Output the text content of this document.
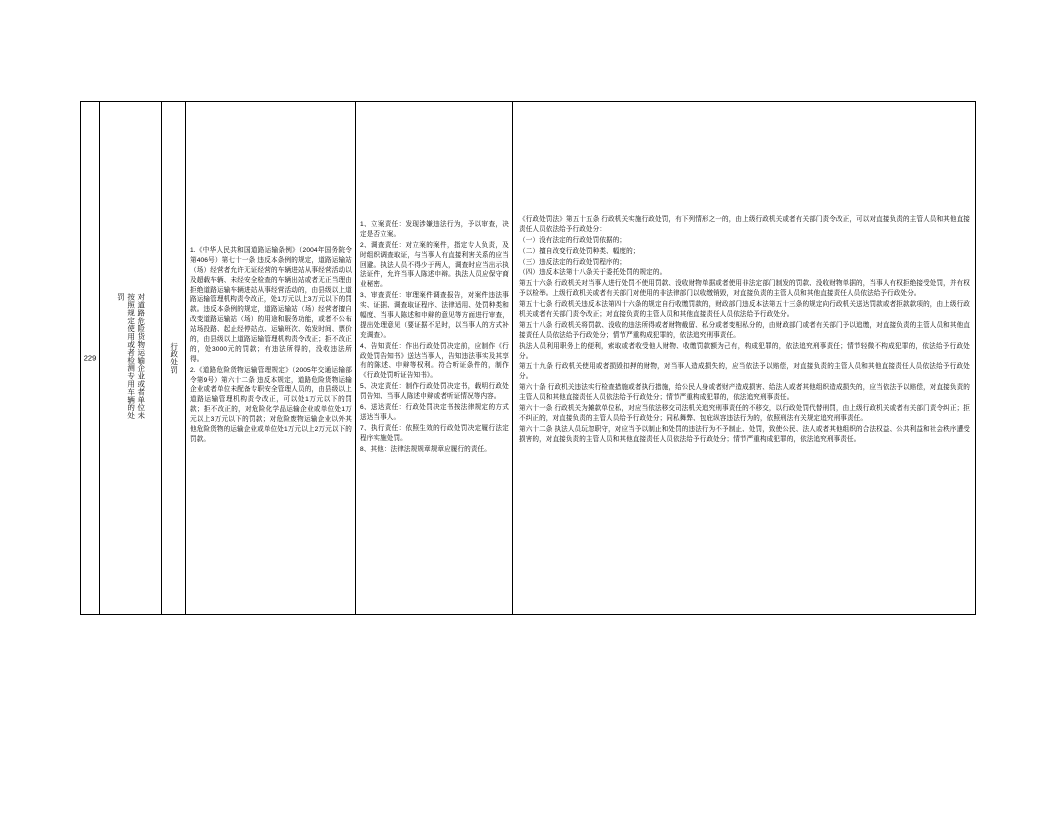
229	对道路危险货物运输企业或者单位未按照规定使用或者检测专用车辆的处罚
行政处罚

1.《中华人民共和国道路运输条例》（2004年国务院令第406号）第七十一条 违反本条例的规定，道路运输站（场）经营者允许无证经营的车辆进站从事经营活动以及超载车辆、未经安全检查的车辆出站或者无正当理由拒绝道路运输车辆进站从事经营活动的，由县级以上道路运输管理机构责令改正，处1万元以上3万元以下的罚款。违反本条例的规定，道路运输站（场）经营者擅自改变道路运输站（场）的用途和服务功能，或者不公布站场投路、起止经停站点、运输班次、始发时间、票价的，由县级以上道路运输管理机构责令改正；拒不改正的，处3000元的罚款；有违法所得的，没收违法所得。

2.《道路危险货物运输管理规定》（2005年交通运输部令第9号）第六十二条 违反本规定，道路危险货物运输企业或者单位未配备专职安全管理人员的，由县级以上道路运输管理机构责令改正，可以处1万元以下的罚款；拒不改正的，对危险化学品运输企业或单位处1万元以上3万元以下的罚款；对危险废物运输企业以外其他危险货物的运输企业或单位处1万元以上2万元以下的罚款。

1、立案责任：发现涉嫌违法行为，予以审查，决定是否立案。

2、调查责任：对立案的案件，指定专人负责，及时组织调查取证，与当事人有直接利害关系的应当回避。执法人员不得少于两人，调查时应当出示执法证件，允许当事人陈述申辩。执法人员应保守商业秘密。

3、审查责任：审理案件调查报告，对案件违法事实、证据、调查取证程序、法律适用、处罚种类和幅度、当事人陈述和申辩的意见等方面进行审查，提出处理意见（要证据不足时，以当事人的方式补充调查）。

4、告知责任：作出行政处罚决定前，应制作《行政处罚告知书》送达当事人，告知违法事实及其享有的陈述、申辩等权利。符合听证条件的，制作《行政处罚听证告知书》。

5、决定责任：制作行政处罚决定书，载明行政处罚告知、当事人陈述申辩或者听证情况等内容。

6、送达责任：行政处罚决定书按法律规定的方式送达当事人。

7、执行责任：依照生效的行政处罚决定履行法定程序实施处罚。

8、其他：法律法规规章规章应履行的责任。

《行政处罚法》第五十五条 行政机关实施行政处罚，有下列情形之一的，由上级行政机关或者有关部门责令改正，可以对直接负责的主管人员和其他直接责任人员依法给予行政处分：

（一）没有法定的行政处罚依据的；

（二）擅自改变行政处罚种类、幅度的；

（三）违反法定的行政处罚程序的；

（四）违反本法第十八条关于委托处罚的规定的。

第五十六条 行政机关对当事人进行处罚不使用罚款、没收财物单据或者使用非法定部门制发的罚款、没收财物单据的，当事人有权拒绝接受处罚，并有权予以检举。上级行政机关或者有关部门对使用的非法律部门以收缴销毁，对直接负责的主管人员和其他直接责任人员依法给予行政处分。

第五十七条 行政机关违反本法第四十六条的规定自行收缴罚款的，财政部门违反本法第五十三条的规定向行政机关送达罚款或者拒款款项的，由上级行政机关或者有关部门责令改正；对直接负责的主管人员和其他直接责任人员依法给予行政处分。

第五十八条 行政机关将罚款、没收的违法所得或者财物截留、私分或者变相私分的，由财政部门或者有关部门予以追缴，对直接负责的主管人员和其他直接责任人员依法给予行政处分；情节严重构成犯罪的，依法追究刑事责任。

执法人员利用职务上的便利，索取或者收受他人财物、收缴罚款额为己有，构成犯罪的，依法追究刑事责任；情节轻微不构成犯罪的，依法给予行政处分。

第五十九条 行政机关使用或者损毁扣押的财物，对当事人造成损失的，应当依法予以赔偿，对直接负责的主管人员和其他直接责任人员依法给予行政处分。

第六十条 行政机关违法实行检查措施或者执行措施，给公民人身或者财产造成损害、给法人或者其他组织造成损失的，应当依法予以赔偿，对直接负责的主管人员和其他直接责任人员依法给予行政处分；情节严重构成犯罪的，依法追究刑事责任。

第六十一条 行政机关为摊款单位私，对应当依法移交司法机关追究刑事责任的不移交，以行政处罚代替刑罚，由上级行政机关或者有关部门责令纠正；拒不纠正的，对直接负责的主管人员给予行政处分；同私舞弊、包庇纵容违法行为的，依照刑法有关规定追究刑事责任。

第六十二条 执法人员玩忽职守，对应当予以制止和处罚的违法行为不予制止、处罚，致使公民、法人或者其他组织的合法权益、公共利益和社会秩序遭受损害的，对直接负责的主管人员和其他直接责任人员依法给予行政处分；情节严重构成犯罪的，依法追究刑事责任。
